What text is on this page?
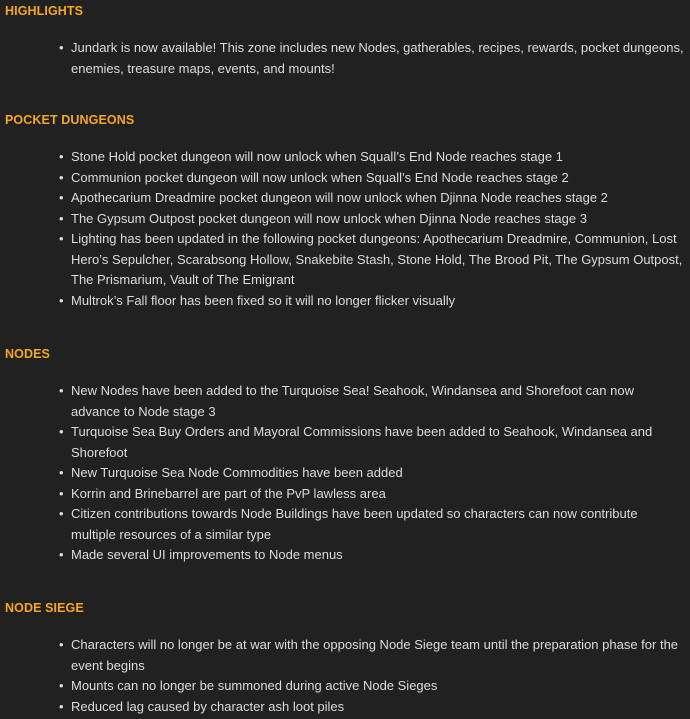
HIGHLIGHTS
• Jundark is now available! This zone includes new Nodes, gatherables, recipes, rewards, pocket dungeons, enemies, treasure maps, events, and mounts!
POCKET DUNGEONS
• Stone Hold pocket dungeon will now unlock when Squall’s End Node reaches stage 1
• Communion pocket dungeon will now unlock when Squall’s End Node reaches stage 2
• Apothecarium Dreadmire pocket dungeon will now unlock when Djinna Node reaches stage 2
• The Gypsum Outpost pocket dungeon will now unlock when Djinna Node reaches stage 3
• Lighting has been updated in the following pocket dungeons: Apothecarium Dreadmire, Communion, Lost Hero’s Sepulcher, Scarabsong Hollow, Snakebite Stash, Stone Hold, The Brood Pit, The Gypsum Outpost, The Prismarium, Vault of The Emigrant
• Multrok’s Fall floor has been fixed so it will no longer flicker visually
NODES
• New Nodes have been added to the Turquoise Sea! Seahook, Windansea and Shorefoot can now advance to Node stage 3
• Turquoise Sea Buy Orders and Mayoral Commissions have been added to Seahook, Windansea and Shorefoot
• New Turquoise Sea Node Commodities have been added
• Korrin and Brinebarrel are part of the PvP lawless area
• Citizen contributions towards Node Buildings have been updated so characters can now contribute multiple resources of a similar type
• Made several UI improvements to Node menus
NODE SIEGE
• Characters will no longer be at war with the opposing Node Siege team until the preparation phase for the event begins
• Mounts can no longer be summoned during active Node Sieges
• Reduced lag caused by character ash loot piles
